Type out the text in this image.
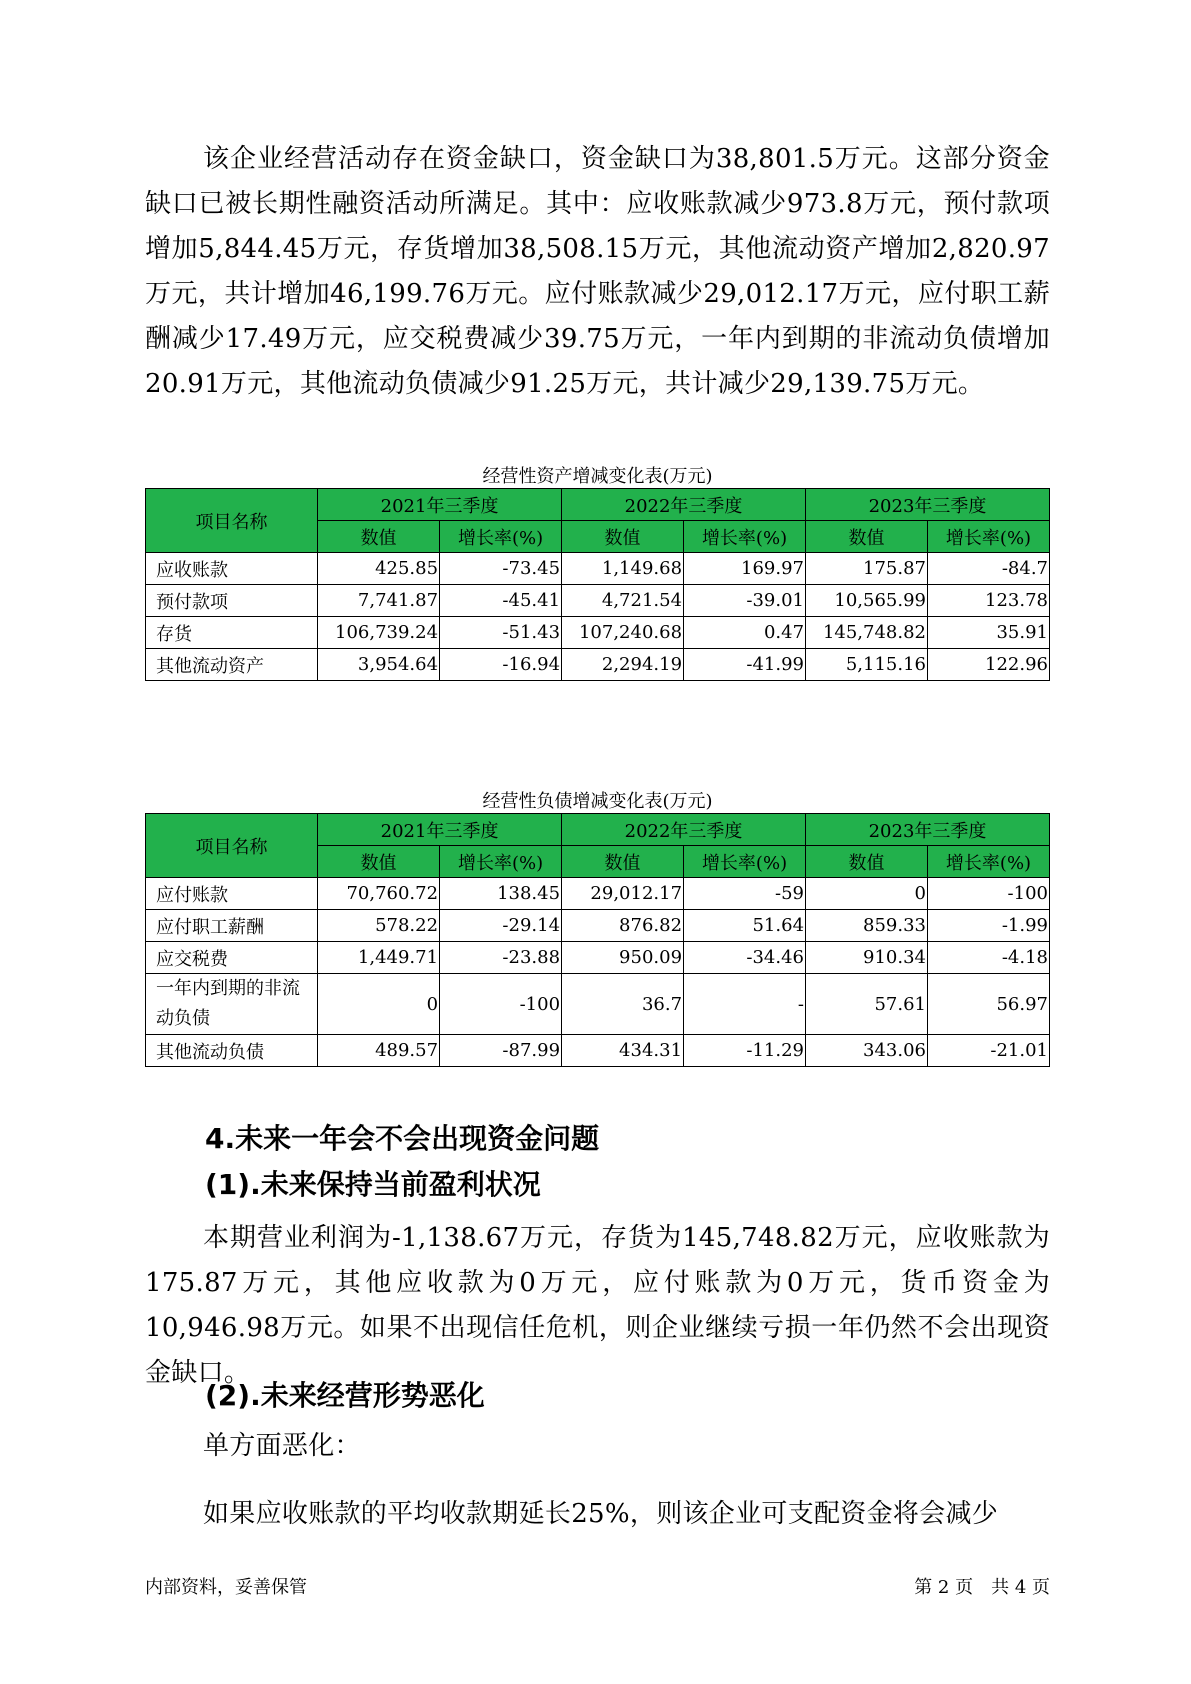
该企业经营活动存在资金缺口，资金缺口为38,801.5万元。这部分资金缺口已被长期性融资活动所满足。其中：应收账款减少973.8万元，预付款项增加5,844.45万元，存货增加38,508.15万元，其他流动资产增加2,820.97万元，共计增加46,199.76万元。应付账款减少29,012.17万元，应付职工薪酬减少17.49万元，应交税费减少39.75万元，一年内到期的非流动负债增加20.91万元，其他流动负债减少91.25万元，共计减少29,139.75万元。
经营性资产增减变化表(万元)
项目名称	2021年三季度		2022年三季度		2023年三季度	
	数值	增长率(%)	数值	增长率(%)	数值	增长率(%)
应收账款	425.85	-73.45	1,149.68	169.97	175.87	-84.7
预付款项	7,741.87	-45.41	4,721.54	-39.01	10,565.99	123.78
存货	106,739.24	-51.43	107,240.68	0.47	145,748.82	35.91
其他流动资产	3,954.64	-16.94	2,294.19	-41.99	5,115.16	122.96
经营性负债增减变化表(万元)
项目名称	2021年三季度		2022年三季度		2023年三季度	
	数值	增长率(%)	数值	增长率(%)	数值	增长率(%)
应付账款	70,760.72	138.45	29,012.17	-59	0	-100
应付职工薪酬	578.22	-29.14	876.82	51.64	859.33	-1.99
应交税费	1,449.71	-23.88	950.09	-34.46	910.34	-4.18
一年内到期的非流动负债	0	-100	36.7	-	57.61	56.97
其他流动负债	489.57	-87.99	434.31	-11.29	343.06	-21.01
4.未来一年会不会出现资金问题
(1).未来保持当前盈利状况
本期营业利润为-1,138.67万元，存货为145,748.82万元，应收账款为175.87万元，其他应收款为0万元，应付账款为0万元，货币资金为10,946.98万元。如果不出现信任危机，则企业继续亏损一年仍然不会出现资金缺口。
(2).未来经营形势恶化
单方面恶化：
如果应收账款的平均收款期延长25%，则该企业可支配资金将会减少
内部资料，妥善保管	第 2 页　共 4 页
